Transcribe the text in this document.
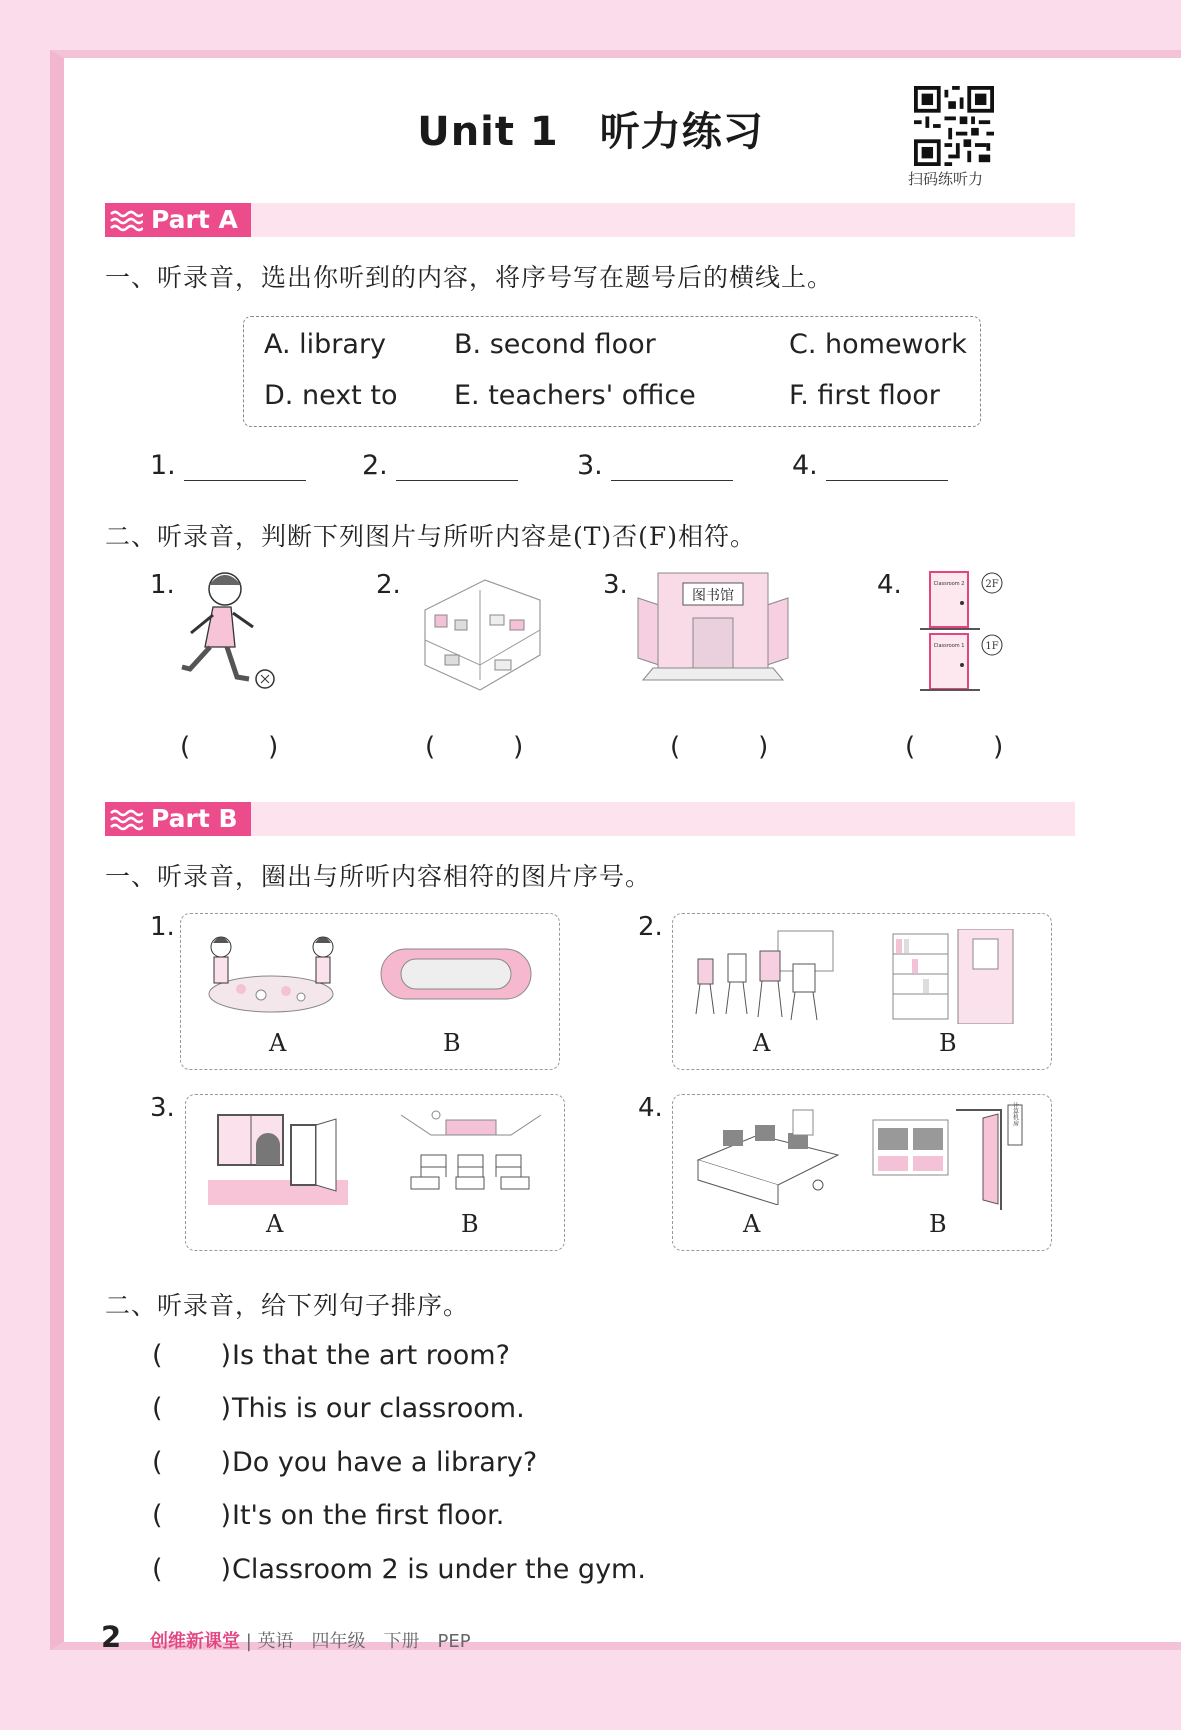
Unit 1　听力练习
扫码练听力
Part A
一、听录音，选出你听到的内容，将序号写在题号后的横线上。
A. library	B. second floor	C. homework
D. next to E. teachers' office	F. first floor
1.	2.	3.	4.
二、听录音，判断下列图片与所听内容是(T)否(F)相符。
1.	2.	3.	图书馆	4.	Classroom 2
Classroom 1
2F
1F
(　　　)	(　　　)	(　　　)	(　　　)
Part B
一、听录音，圈出与所听内容相符的图片序号。
1.
A	B
2.
A	B
3.
A	B
4.	计算机房
A	B
二、听录音，给下列句子排序。
( )Is that the art room?
( )This is our classroom.
( )Do you have a library?
( )It's on the first floor.
( )Classroom 2 is under the gym.
2 创维新课堂 | 英语　四年级　下册　PEP
